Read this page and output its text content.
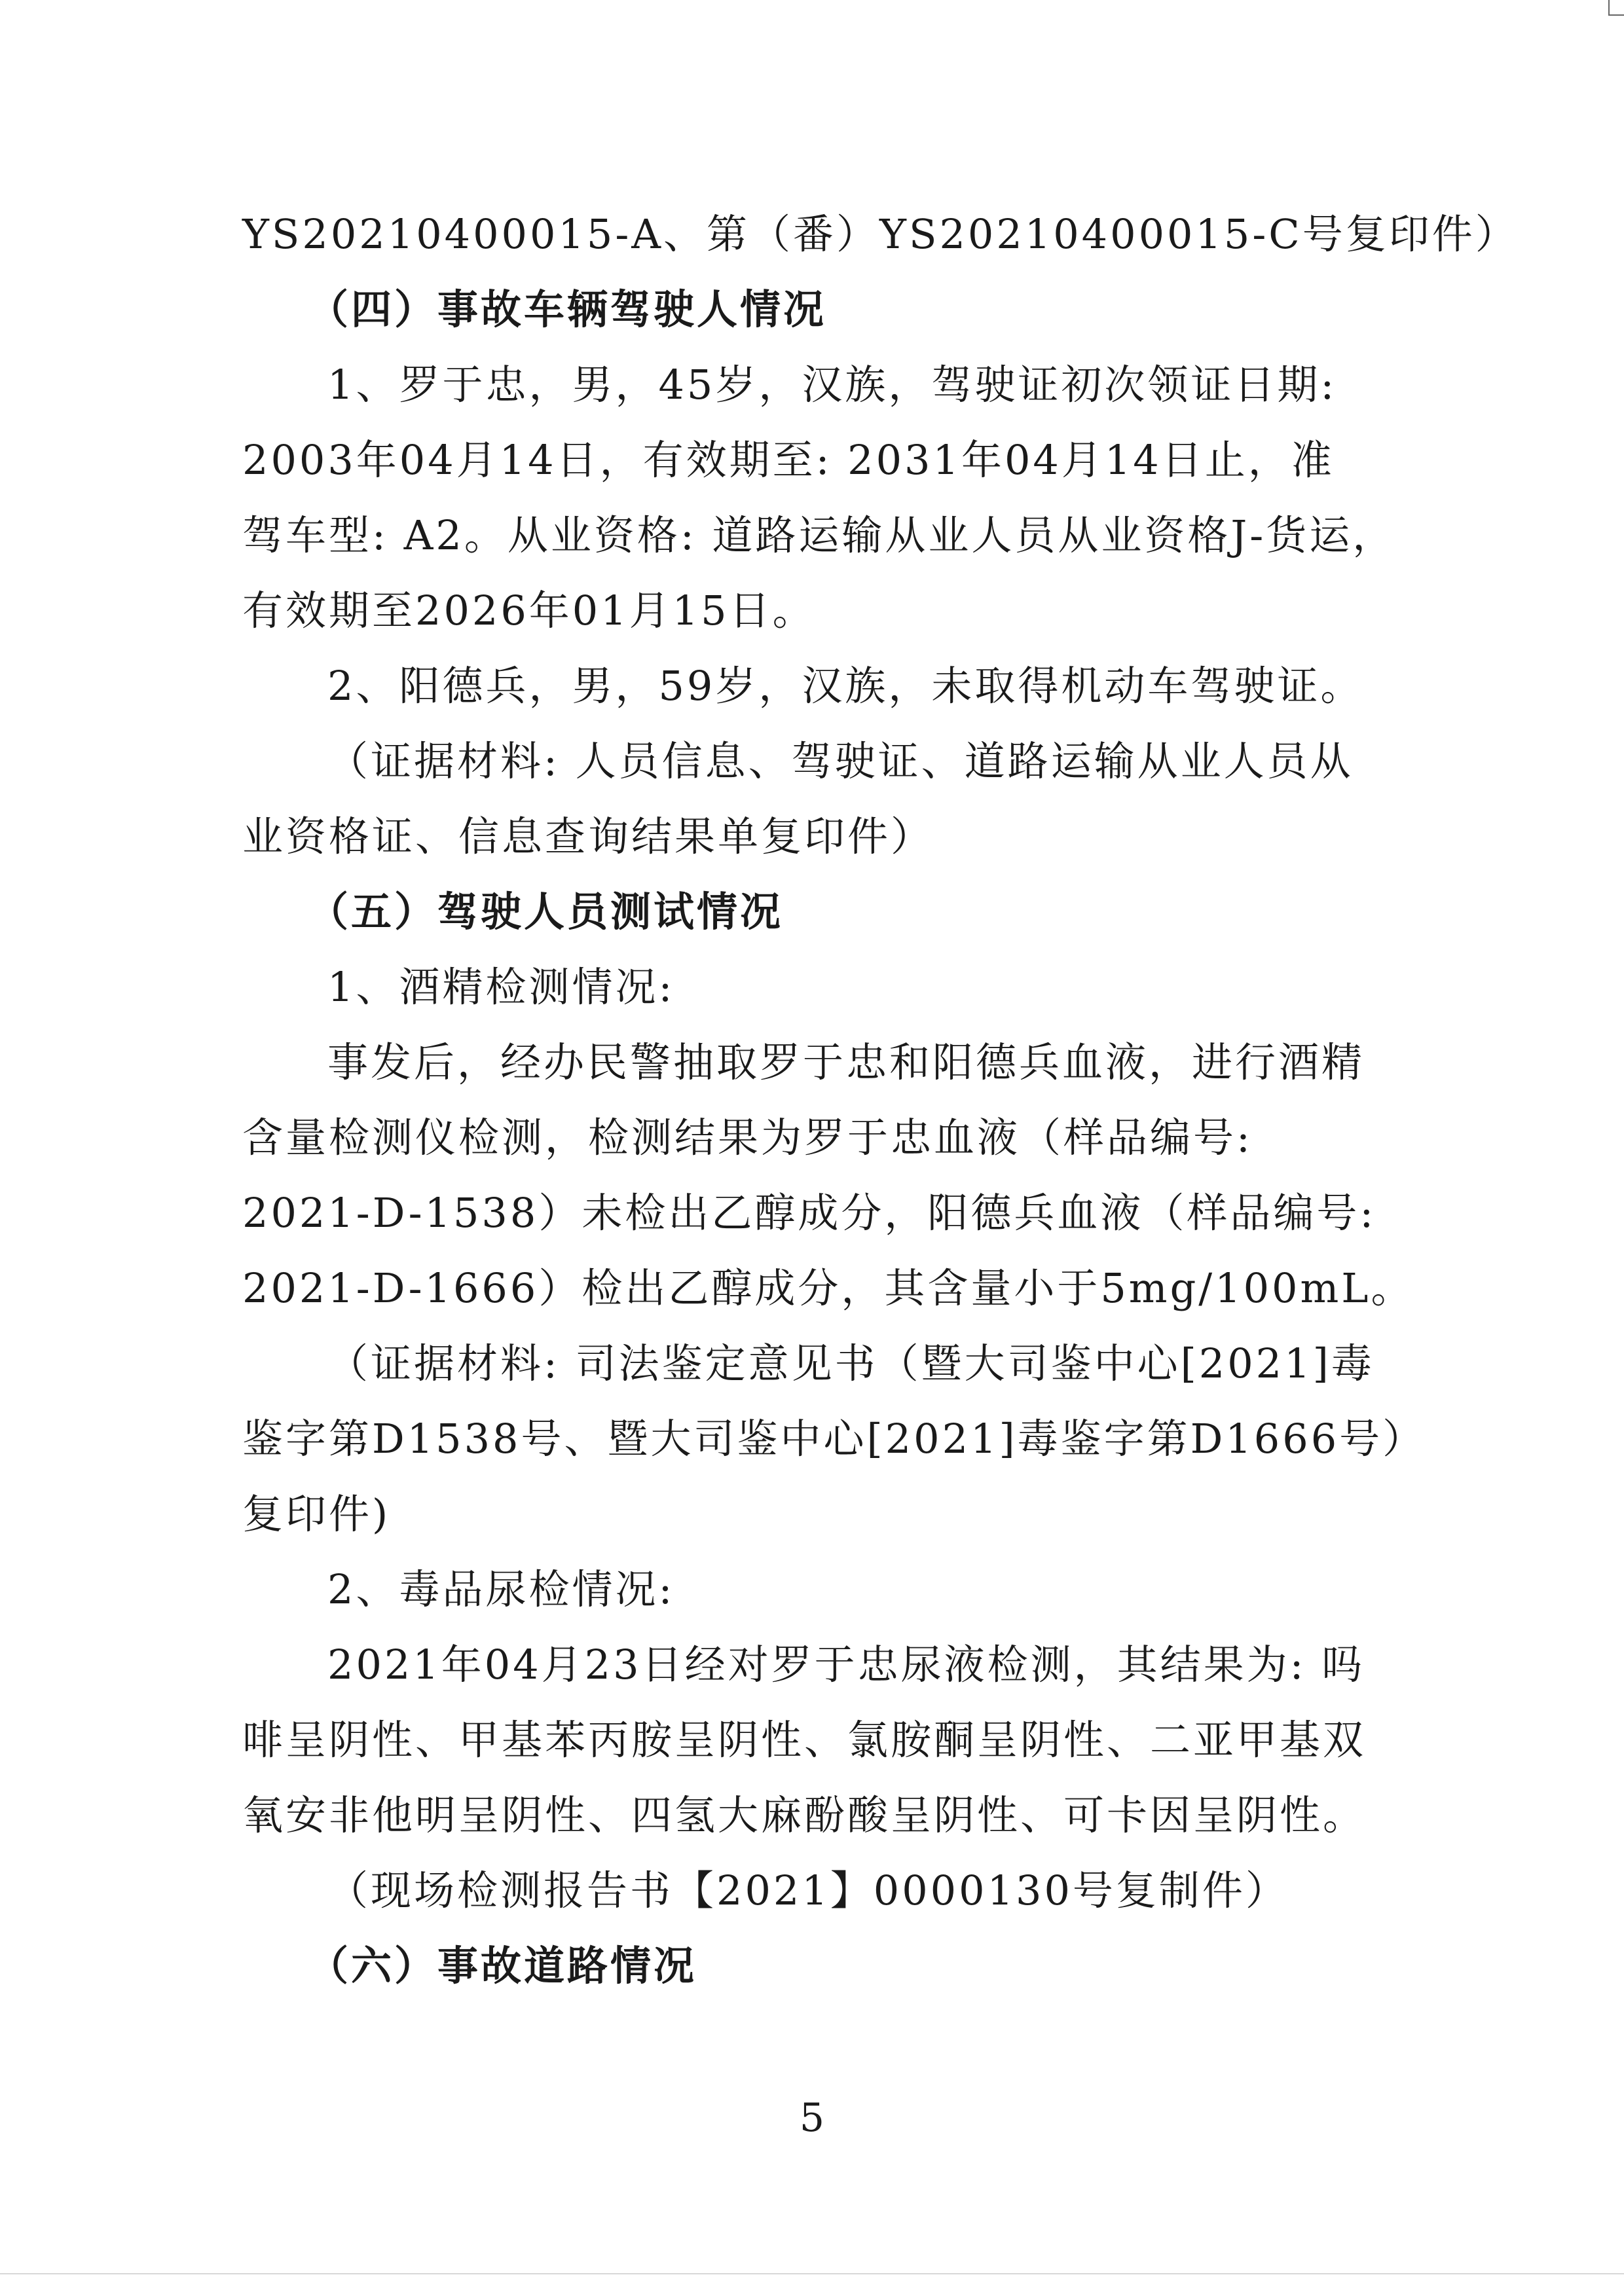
YS20210400015-A、第（番）YS20210400015-C号复印件）
（四）事故车辆驾驶人情况
1、罗于忠，男，45岁，汉族，驾驶证初次领证日期:
2003年04月14日，有效期至: 2031年04月14日止，准
驾车型: A2。从业资格: 道路运输从业人员从业资格J-货运，
有效期至2026年01月15日。
2、阳德兵，男，59岁，汉族，未取得机动车驾驶证。
（证据材料: 人员信息、驾驶证、道路运输从业人员从
业资格证、信息查询结果单复印件）
（五）驾驶人员测试情况
1、酒精检测情况:
事发后，经办民警抽取罗于忠和阳德兵血液，进行酒精
含量检测仪检测，检测结果为罗于忠血液（样品编号:
2021-D-1538）未检出乙醇成分，阳德兵血液（样品编号:
2021-D-1666）检出乙醇成分，其含量小于5mg/100mL。
（证据材料: 司法鉴定意见书（暨大司鉴中心[2021]毒
鉴字第D1538号、暨大司鉴中心[2021]毒鉴字第D1666号）
复印件)
2、毒品尿检情况:
2021年04月23日经对罗于忠尿液检测，其结果为: 吗
啡呈阴性、甲基苯丙胺呈阴性、氯胺酮呈阴性、二亚甲基双
氧安非他明呈阴性、四氢大麻酚酸呈阴性、可卡因呈阴性。
（现场检测报告书【2021】0000130号复制件）
（六）事故道路情况
5
